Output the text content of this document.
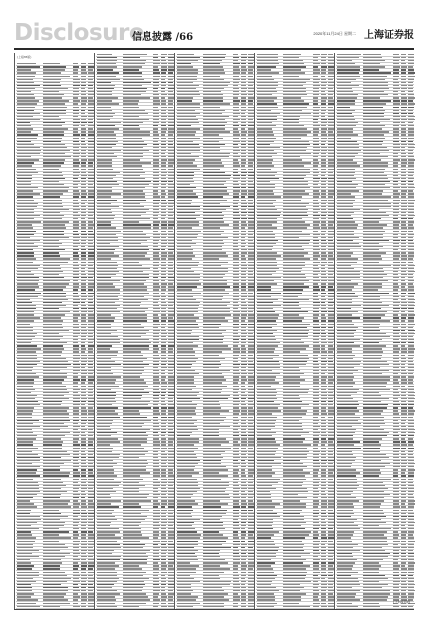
Disclosure
信息披露 /66	2020年11月24日 星期二 上海证券报
(上接65版)
(下转67版)
